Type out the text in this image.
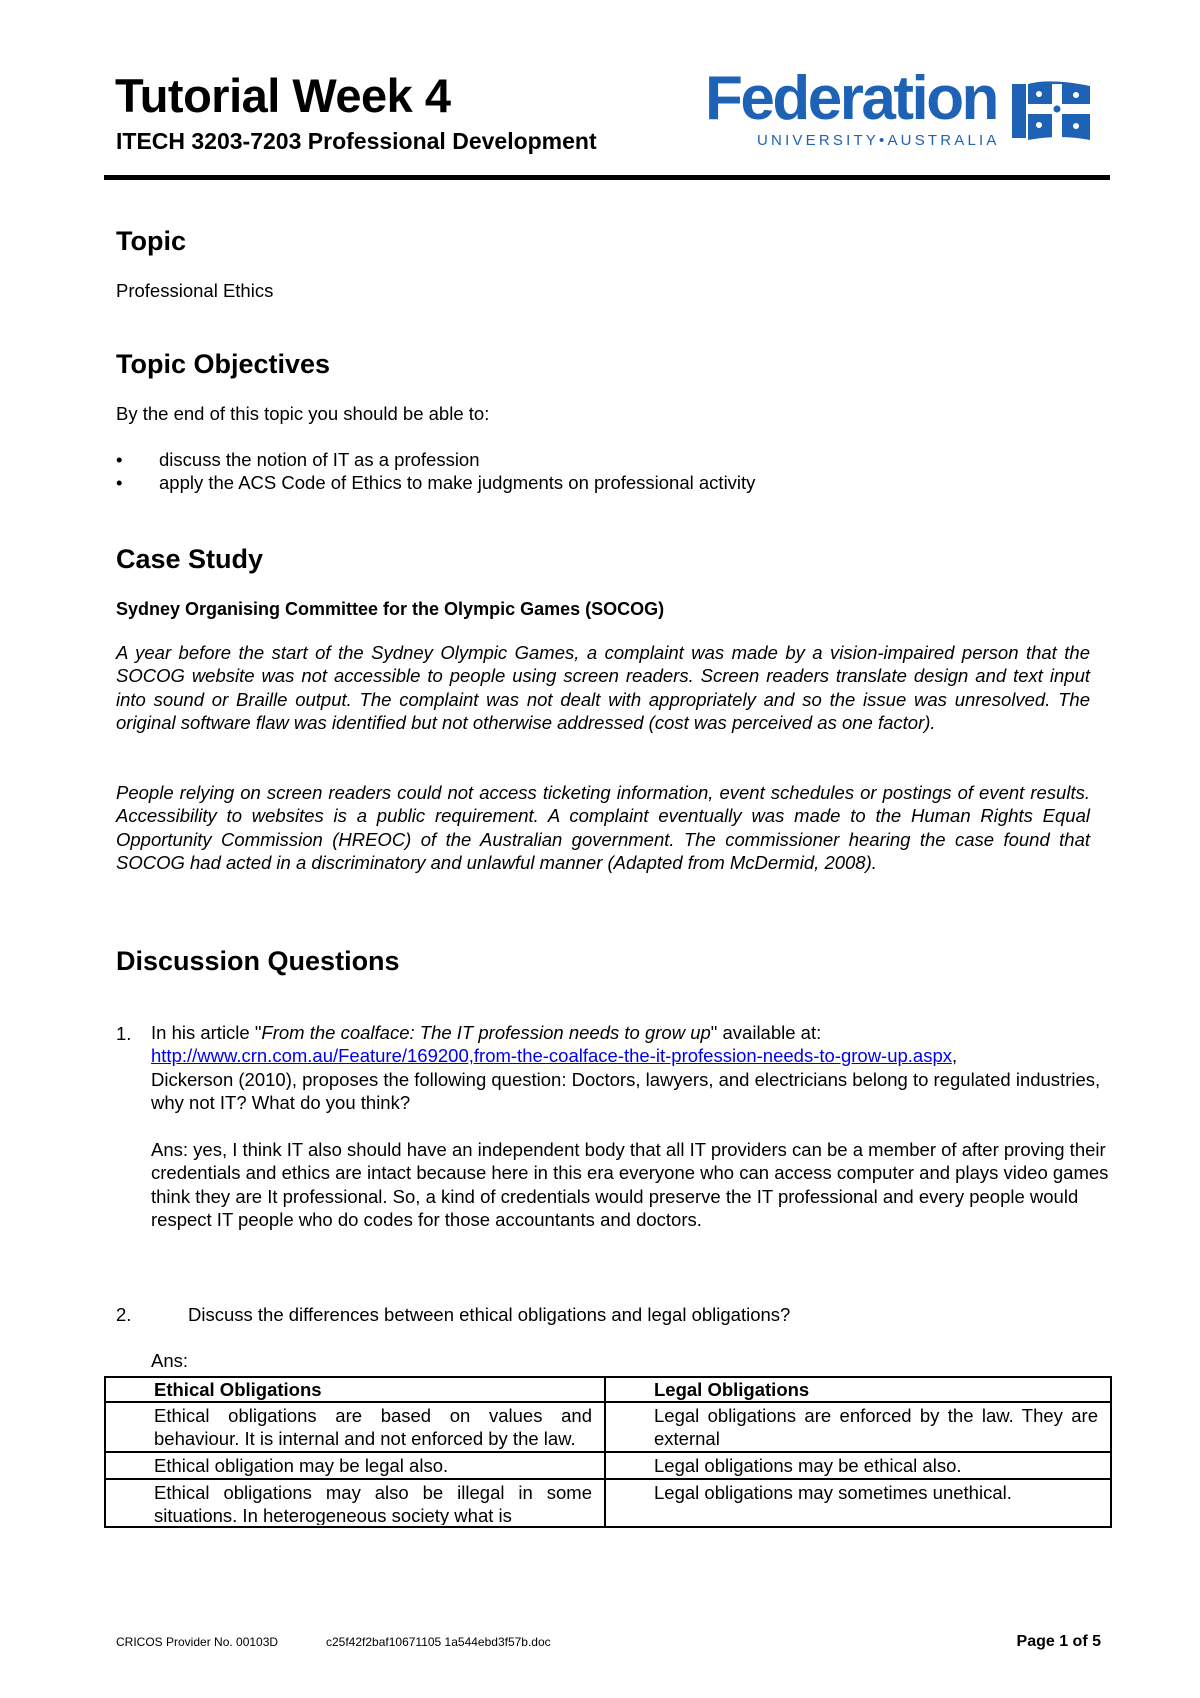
Tutorial Week 4
ITECH 3203-7203 Professional Development
Federation
UNIVERSITY•AUSTRALIA
Topic
Professional Ethics
Topic Objectives
By the end of this topic you should be able to:
• discuss the notion of IT as a profession
• apply the ACS Code of Ethics to make judgments on professional activity
Case Study
Sydney Organising Committee for the Olympic Games (SOCOG)
A year before the start of the Sydney Olympic Games, a complaint was made by a vision-impaired person that the SOCOG website was not accessible to people using screen readers. Screen readers translate design and text input into sound or Braille output. The complaint was not dealt with appropriately and so the issue was unresolved. The original software flaw was identified but not otherwise addressed (cost was perceived as one factor).
People relying on screen readers could not access ticketing information, event schedules or postings of event results. Accessibility to websites is a public requirement. A complaint eventually was made to the Human Rights Equal Opportunity Commission (HREOC) of the Australian government. The commissioner hearing the case found that SOCOG had acted in a discriminatory and unlawful manner (Adapted from McDermid, 2008).
Discussion Questions
1. In his article "From the coalface: The IT profession needs to grow up" available at:
http://www.crn.com.au/Feature/169200,from-the-coalface-the-it-profession-needs-to-grow-up.aspx,
Dickerson (2010), proposes the following question: Doctors, lawyers, and electricians belong to regulated industries, why not IT? What do you think?
Ans: yes, I think IT also should have an independent body that all IT providers can be a member of after proving their credentials and ethics are intact because here in this era everyone who can access computer and plays video games think they are It professional. So, a kind of credentials would preserve the IT professional and every people would respect IT people who do codes for those accountants and doctors.
2.	Discuss the differences between ethical obligations and legal obligations?
Ans:
Ethical Obligations	Legal Obligations
Ethical obligations are based on values and behaviour. It is internal and not enforced by the law.	Legal obligations are enforced by the law. They are external
Ethical obligation may be legal also.	Legal obligations may be ethical also.

Ethical obligations may also be illegal in some situations. In heterogeneous society what is	Legal obligations may sometimes unethical.
CRICOS Provider No. 00103D	c25f42f2baf10671105 1a544ebd3f57b.doc	Page 1 of 5
